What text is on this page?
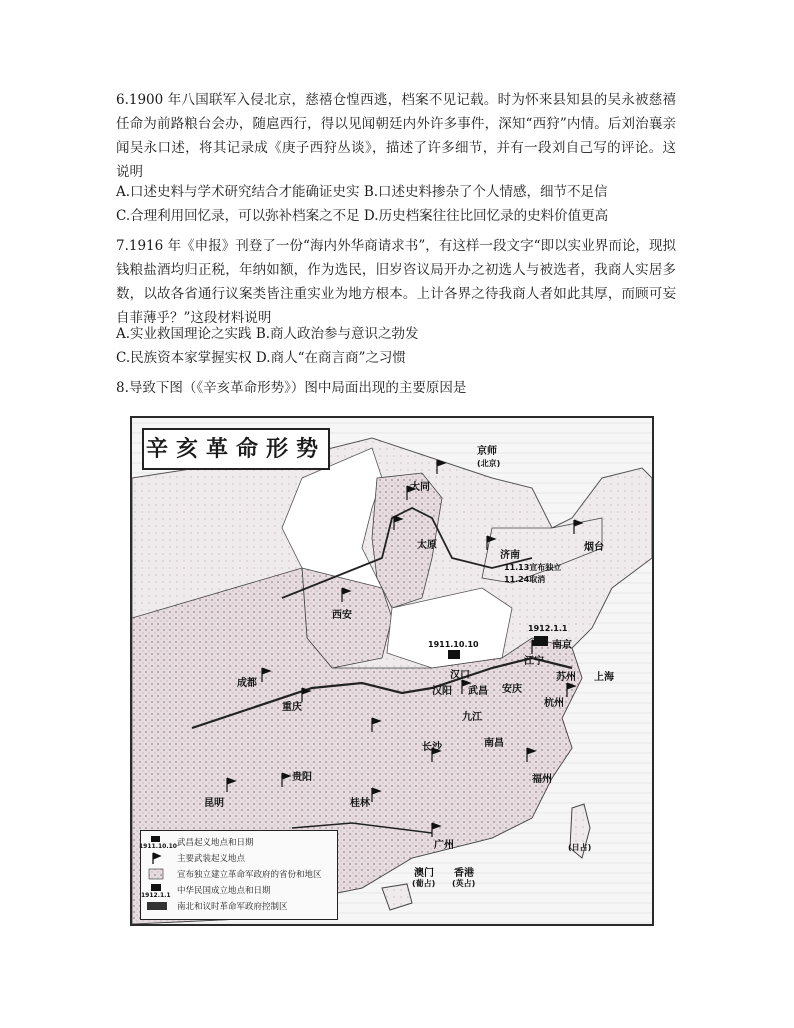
6.1900 年八国联军入侵北京，慈禧仓惶西逃，档案不见记载。时为怀来县知县的吴永被慈禧任命为前路粮台会办，随扈西行，得以见闻朝廷内外许多事件，深知“西狩”内情。后刘治襄亲闻吴永口述，将其记录成《庚子西狩丛谈》，描述了许多细节，并有一段刘自己写的评论。这说明

A.口述史料与学术研究结合才能确证史实 B.口述史料掺杂了个人情感，细节不足信

C.合理利用回忆录，可以弥补档案之不足 D.历史档案往往比回忆录的史料价值更高

7.1916 年《申报》刊登了一份“海内外华商请求书”，有这样一段文字“即以实业界而论，现拟钱粮盐酒均归正税，年纳如额，作为选民，旧岁咨议局开办之初选人与被选者，我商人实居多数，以故各省通行议案类皆注重实业为地方根本。上计各界之待我商人者如此其厚，而顾可妄自菲薄乎？”这段材料说明

A.实业救国理论之实践 B.商人政治参与意识之勃发

C.民族资本家掌握实权 D.商人“在商言商”之习惯

8.导致下图（《辛亥革命形势》）图中局面出现的主要原因是

辛亥革命形势	京师
(北京)
大同
太原
济南
11.13宣布独立
11.24取消
烟台
西安
成都
重庆
1911.10.10
汉口
汉阳 武昌
1912.1.1
南京
江宁
安庆
苏州 上海
杭州
九江
南昌
长沙
贵阳
昆明	桂林
福州
广州
澳门
(葡占)
香港
(英占)
(日占)
1911.10.10 武昌起义地点和日期
主要武装起义地点
宣布独立建立革命军政府的省份和地区
1912.1.1 中华民国成立地点和日期
南北和议时革命军政府控制区
